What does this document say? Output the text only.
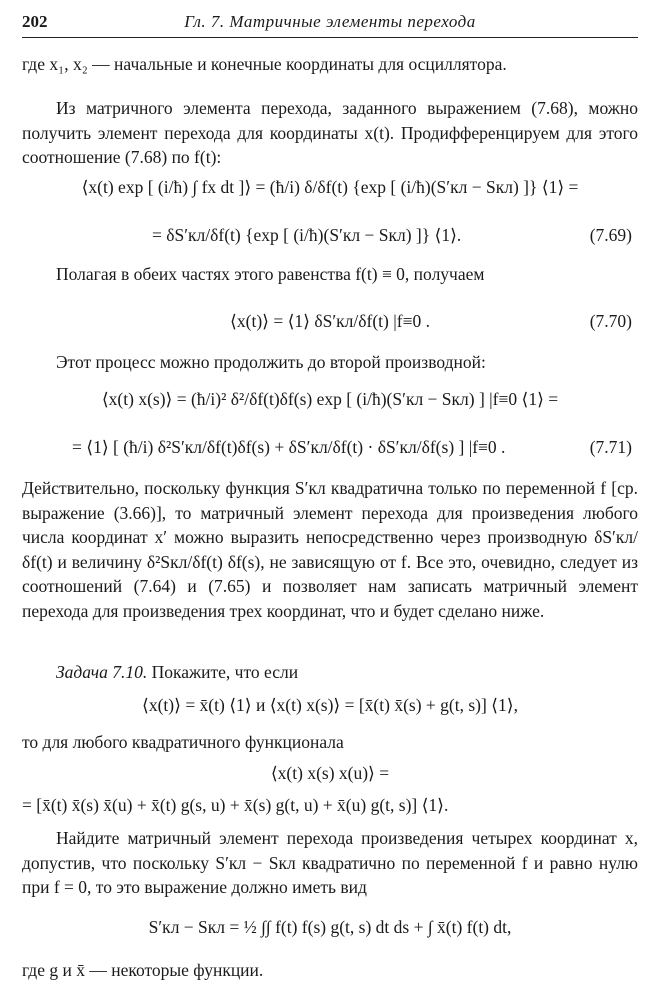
202	Гл. 7. Матричные элементы перехода

где x₁, x₂ — начальные и конечные координаты для осциллятора.

Из матричного элемента перехода, заданного выражением (7.68), можно получить элемент перехода для координаты x(t). Продифференцируем для этого соотношение (7.68) по f(t):

⟨x(t) exp [ (i/ħ) ∫ fx dt ]⟩ = (ħ/i) δ/δf(t) {exp [ (i/ħ)(S′кл − Sкл) ]} ⟨1⟩ =
= δS′кл/δf(t) {exp [ (i/ħ)(S′кл − Sкл) ]} ⟨1⟩.	(7.69)

Полагая в обеих частях этого равенства f(t) ≡ 0, получаем

⟨x(t)⟩ = ⟨1⟩ δS′кл/δf(t) |f≡0 .	(7.70)

Этот процесс можно продолжить до второй производной:

⟨x(t) x(s)⟩ = (ħ/i)² δ²/δf(t)δf(s) exp [ (i/ħ)(S′кл − Sкл) ] |f≡0 ⟨1⟩ =
= ⟨1⟩ [ (ħ/i) δ²S′кл/δf(t)δf(s) + δS′кл/δf(t) · δS′кл/δf(s) ] |f≡0 .	(7.71)

Действительно, поскольку функция S′кл квадратична только по переменной f [ср. выражение (3.66)], то матричный элемент перехода для произведения любого числа координат x′ можно выразить непосредственно через производную δS′кл/δf(t) и величину δ²Sкл/δf(t) δf(s), не зависящую от f. Все это, очевидно, следует из соотношений (7.64) и (7.65) и позволяет нам записать матричный элемент перехода для произведения трех координат, что и будет сделано ниже.

Задача 7.10. Покажите, что если

⟨x(t)⟩ = x̄(t) ⟨1⟩ и ⟨x(t) x(s)⟩ = [x̄(t) x̄(s) + g(t, s)] ⟨1⟩,

то для любого квадратичного функционала

⟨x(t) x(s) x(u)⟩ =
= [x̄(t) x̄(s) x̄(u) + x̄(t) g(s, u) + x̄(s) g(t, u) + x̄(u) g(t, s)] ⟨1⟩.

Найдите матричный элемент перехода произведения четырех координат x, допустив, что поскольку S′кл − Sкл квадратично по переменной f и равно нулю при f = 0, то это выражение должно иметь вид

S′кл − Sкл = ½ ∫∫ f(t) f(s) g(t, s) dt ds + ∫ x̄(t) f(t) dt,

где g и x̄ — некоторые функции.
